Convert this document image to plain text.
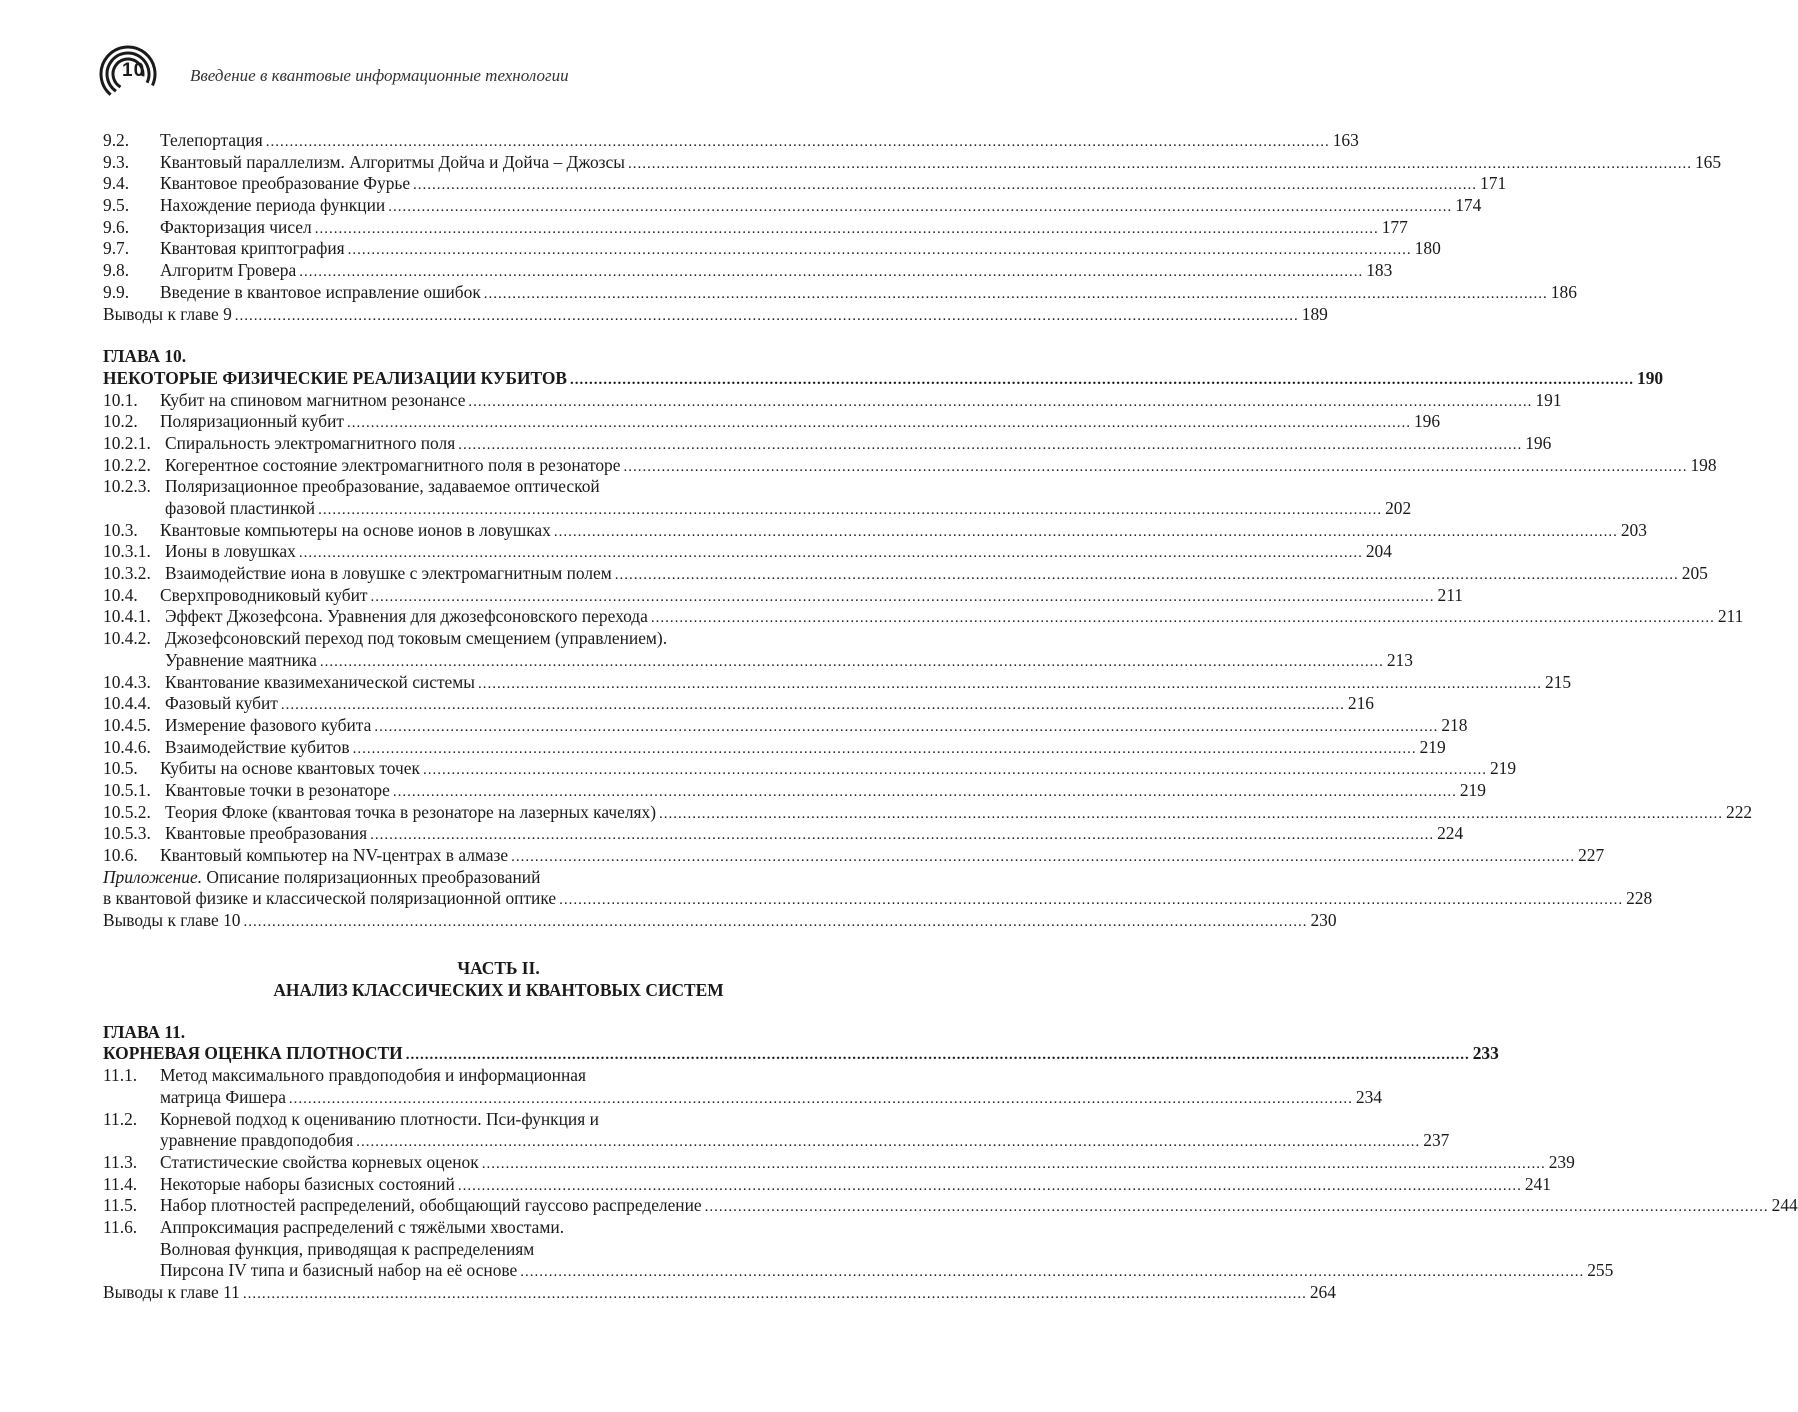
10	Введение в квантовые информационные технологии
9.2.	Телепортация .....	163
9.3.	Квантовый параллелизм. Алгоритмы Дойча и Дойча – Джозсы .....	165
9.4.	Квантовое преобразование Фурье .....	171
9.5.	Нахождение периода функции .....	174
9.6.	Факторизация чисел .....	177
9.7.	Квантовая криптография .....	180
9.8.	Алгоритм Гровера .....	183
9.9.	Введение в квантовое исправление ошибок .....	186
Выводы к главе 9 .....	189
ГЛАВА 10.
НЕКОТОРЫЕ ФИЗИЧЕСКИЕ РЕАЛИЗАЦИИ КУБИТОВ .....	190
10.1.	Кубит на спиновом магнитном резонансе .....	191
10.2.	Поляризационный кубит .....	196
10.2.1. Спиральность электромагнитного поля .....	196
10.2.2. Когерентное состояние электромагнитного поля в резонаторе .....	198
10.2.3. Поляризационное преобразование, задаваемое оптической
фазовой пластинкой .....	202
10.3.	Квантовые компьютеры на основе ионов в ловушках .....	203
10.3.1. Ионы в ловушках .....	204
10.3.2. Взаимодействие иона в ловушке с электромагнитным полем .....	205
10.4.	Сверхпроводниковый кубит .....	211
10.4.1. Эффект Джозефсона. Уравнения для джозефсоновского перехода .....	211
10.4.2. Джозефсоновский переход под токовым смещением (управлением).
Уравнение маятника .....	213
10.4.3. Квантование квазимеханической системы .....	215
10.4.4. Фазовый кубит .....	216
10.4.5. Измерение фазового кубита .....	218
10.4.6. Взаимодействие кубитов .....	219
10.5.	Кубиты на основе квантовых точек .....	219
10.5.1. Квантовые точки в резонаторе .....	219
10.5.2. Теория Флоке (квантовая точка в резонаторе на лазерных качелях) .....	222
10.5.3. Квантовые преобразования .....	224
10.6.	Квантовый компьютер на NV-центрах в алмазе .....	227
Приложение. Описание поляризационных преобразований
в квантовой физике и классической поляризационной оптике .....	228
Выводы к главе 10 .....	230
ЧАСТЬ II.
АНАЛИЗ КЛАССИЧЕСКИХ И КВАНТОВЫХ СИСТЕМ
ГЛАВА 11.
КОРНЕВАЯ ОЦЕНКА ПЛОТНОСТИ .....	233
11.1.	Метод максимального правдоподобия и информационная
матрица Фишера .....	234
11.2.	Корневой подход к оцениванию плотности. Пси-функция и
уравнение правдоподобия .....	237
11.3.	Статистические свойства корневых оценок .....	239
11.4.	Некоторые наборы базисных состояний .....	241
11.5.	Набор плотностей распределений, обобщающий гауссово распределение .....	244
11.6.	Аппроксимация распределений с тяжёлыми хвостами.
Волновая функция, приводящая к распределениям
Пирсона IV типа и базисный набор на её основе .....	255
Выводы к главе 11 .....	264
